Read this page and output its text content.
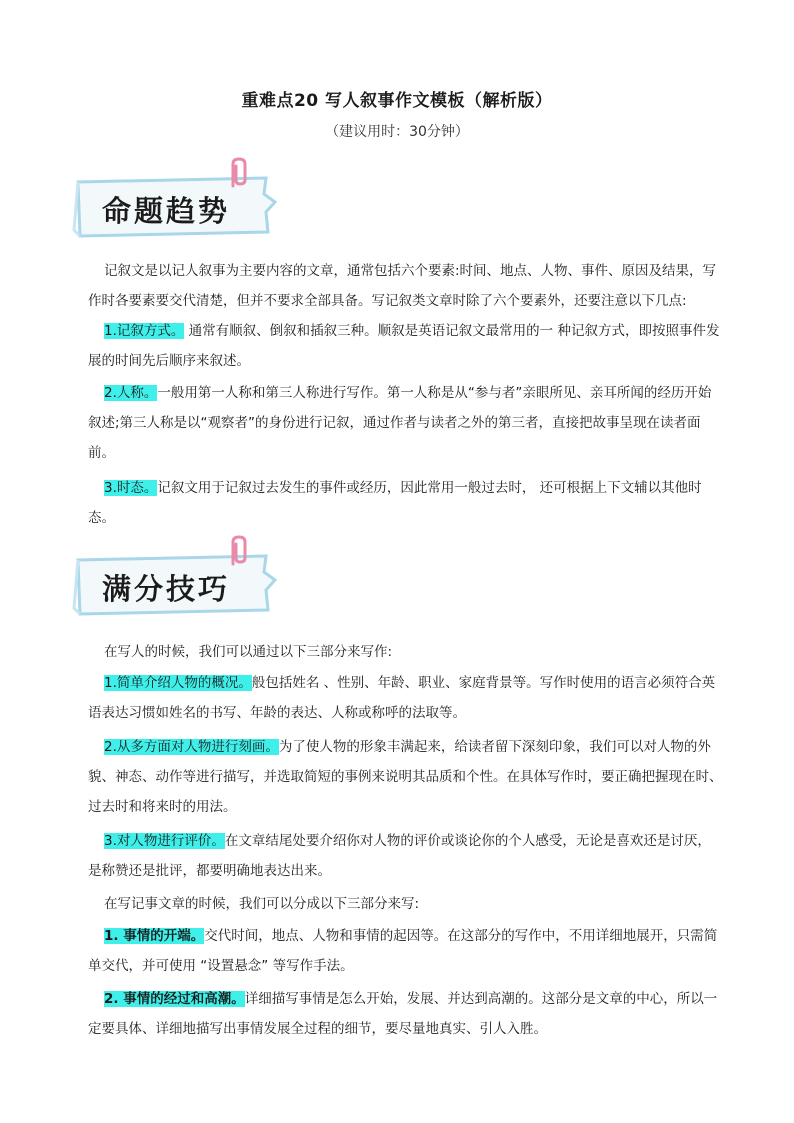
重难点20 写人叙事作文模板（解析版）
（建议用时：30分钟）
命题趋势
记叙文是以记人叙事为主要内容的文章，通常包括六个要素:时间、地点、人物、事件、原因及结果，写作时各要素要交代清楚，但并不要求全部具备。写记叙类文章时除了六个要素外，还要注意以下几点:
1.记叙方式。 通常有顺叙、倒叙和插叙三种。顺叙是英语记叙文最常用的一 种记叙方式，即按照事件发展的时间先后顺序来叙述。
2.人称。一般用第一人称和第三人称进行写作。第一人称是从“参与者”亲眼所见、亲耳所闻的经历开始叙述;第三人称是以“观察者”的身份进行记叙，通过作者与读者之外的第三者，直接把故事呈现在读者面前。
3.时态。记叙文用于记叙过去发生的事件或经历，因此常用一般过去时， 还可根据上下文辅以其他时态。
满分技巧
在写人的时候，我们可以通过以下三部分来写作:
1.简单介绍人物的概况。般包括姓名 、性别、年龄、职业、家庭背景等。写作时使用的语言必须符合英语表达习惯如姓名的书写、年龄的表达、人称或称呼的法取等。
2.从多方面对人物进行刻画。为了使人物的形象丰满起来，给读者留下深刻印象，我们可以对人物的外貌、神态、动作等进行描写，并选取简短的事例来说明其品质和个性。在具体写作时，要正确把握现在时、过去时和将来时的用法。
3.对人物进行评价。在文章结尾处要介绍你对人物的评价或谈论你的个人感受，无论是喜欢还是讨厌，是称赞还是批评，都要明确地表达出来。
在写记事文章的时候，我们可以分成以下三部分来写:
1. 事情的开端。交代时间，地点、人物和事情的起因等。在这部分的写作中，不用详细地展开，只需简单交代，并可使用 “设置悬念” 等写作手法。
2. 事情的经过和高潮。详细描写事情是怎么开始，发展、并达到高潮的。这部分是文章的中心，所以一定要具体、详细地描写出事情发展全过程的细节，要尽量地真实、引人入胜。
